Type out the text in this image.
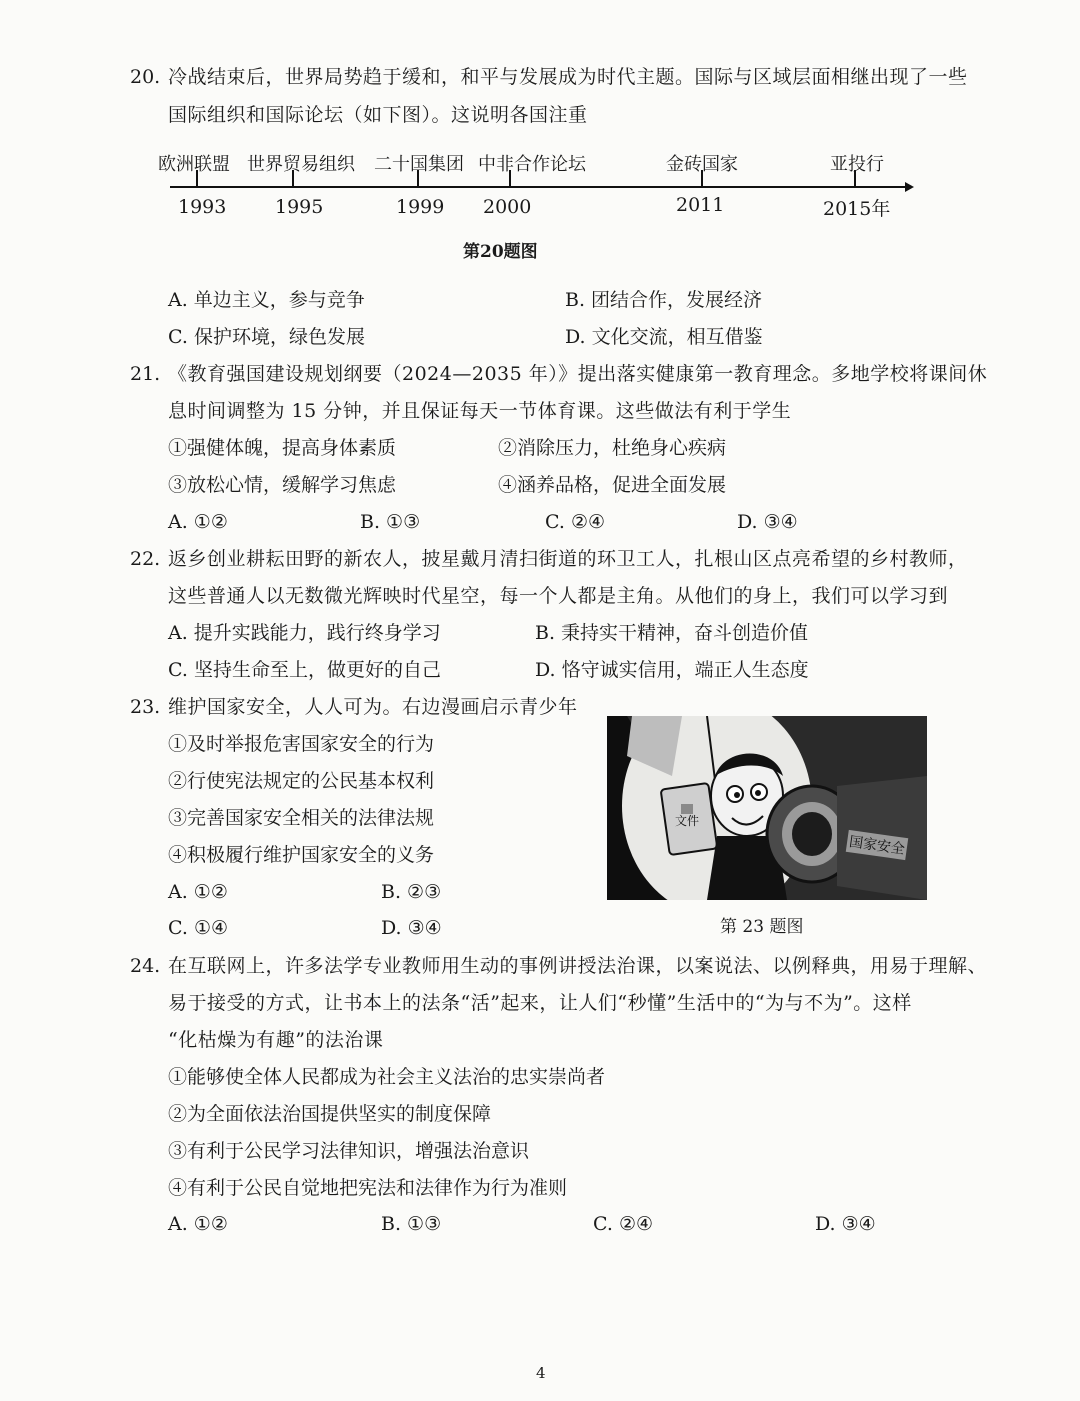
20. 冷战结束后，世界局势趋于缓和，和平与发展成为时代主题。国际与区域层面相继出现了一些
国际组织和国际论坛（如下图）。这说明各国注重
欧洲联盟 世界贸易组织 二十国集团 中非合作论坛	金砖国家	亚投行
1993	1995	1999 2000	2011	2015年
第20题图
A. 单边主义，参与竞争	B. 团结合作，发展经济
C. 保护环境，绿色发展	D. 文化交流，相互借鉴
21. 《教育强国建设规划纲要（2024—2035 年）》提出落实健康第一教育理念。多地学校将课间休
息时间调整为 15 分钟，并且保证每天一节体育课。这些做法有利于学生
①强健体魄，提高身体素质	②消除压力，杜绝身心疾病
③放松心情，缓解学习焦虑	④涵养品格，促进全面发展
A. ①②	B. ①③	C. ②④	D. ③④
22. 返乡创业耕耘田野的新农人，披星戴月清扫街道的环卫工人，扎根山区点亮希望的乡村教师，
这些普通人以无数微光辉映时代星空，每一个人都是主角。从他们的身上，我们可以学习到
A. 提升实践能力，践行终身学习	B. 秉持实干精神，奋斗创造价值
C. 坚持生命至上，做更好的自己	D. 恪守诚实信用，端正人生态度
23. 维护国家安全，人人可为。右边漫画启示青少年
①及时举报危害国家安全的行为
②行使宪法规定的公民基本权利
③完善国家安全相关的法律法规
④积极履行维护国家安全的义务
A. ①②	B. ②③
C. ①④	D. ③④
文件
国家安全
第 23 题图
24. 在互联网上，许多法学专业教师用生动的事例讲授法治课，以案说法、以例释典，用易于理解、
易于接受的方式，让书本上的法条“活”起来，让人们“秒懂”生活中的“为与不为”。这样
“化枯燥为有趣”的法治课
①能够使全体人民都成为社会主义法治的忠实崇尚者
②为全面依法治国提供坚实的制度保障
③有利于公民学习法律知识，增强法治意识
④有利于公民自觉地把宪法和法律作为行为准则
A. ①②	B. ①③	C. ②④	D. ③④
4
